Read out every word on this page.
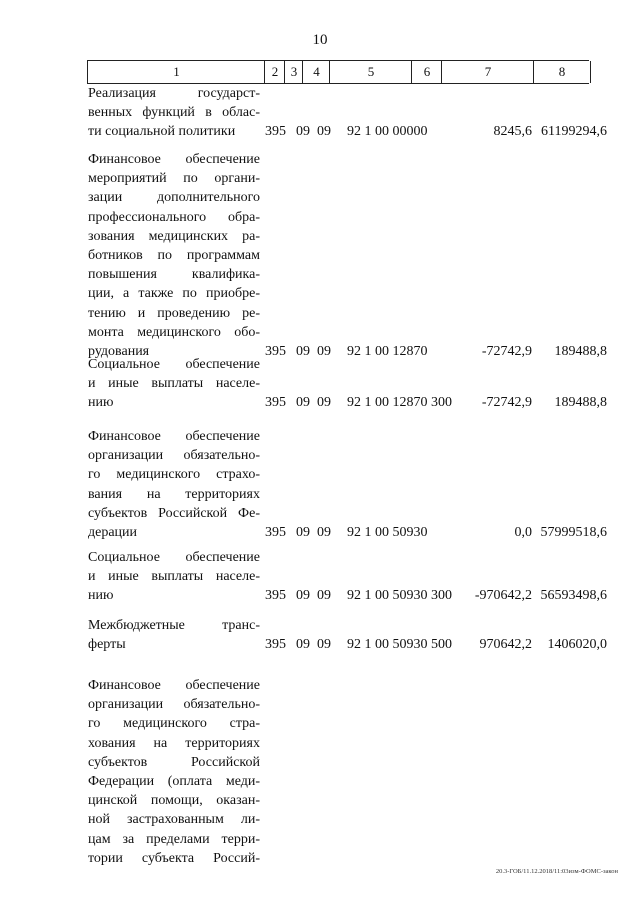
10
1	2 3	4	5	6	7	8
Реализация государст-
венных функций в облас-
ти социальной политики	395 09 09 92 1 00 00000	8245,6 61199294,6
Финансовое обеспечение
мероприятий по органи-
зации дополнительного
профессионального обра-
зования медицинских ра-
ботников по программам
повышения квалифика-
ции, а также по приобре-
тению и проведению ре-
монта медицинского обо-
рудования	395 09 09 92 1 00 12870	-72742,9 189488,8
Социальное обеспечение
и иные выплаты населе-
нию	395 09 09 92 1 00 12870 300 -72742,9 189488,8
Финансовое обеспечение
организации обязательно-
го медицинского страхо-
вания на территориях
субъектов Российской Фе-
дерации	395 09 09 92 1 00 50930	0,0 57999518,6
Социальное обеспечение
и иные выплаты населе-
нию	395 09 09 92 1 00 50930 300 -970642,2 56593498,6
Межбюджетные транс-
ферты	395 09 09 92 1 00 50930 500 970642,2 1406020,0
Финансовое обеспечение
организации обязательно-
го медицинского стра-
хования на территориях
субъектов Российской
Федерации (оплата меди-
цинской помощи, оказан-
ной застрахованным ли-
цам за пределами терри-
тории субъекта Россий-
20.3-ГОБ/11.12.2018/11:03изм-ФОМС-закон
